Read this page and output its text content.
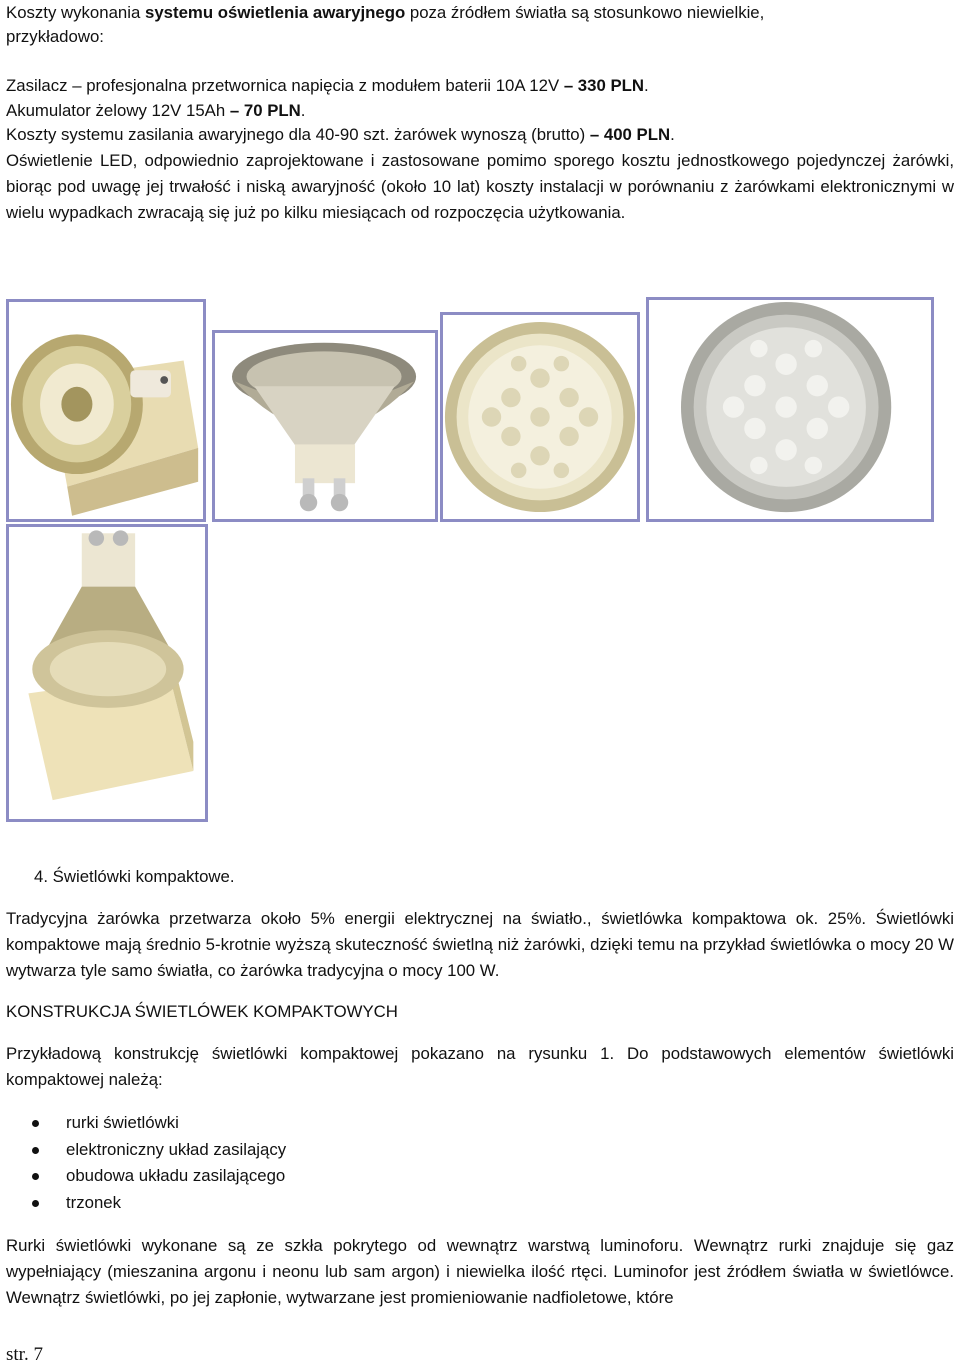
Koszty wykonania systemu oświetlenia awaryjnego poza źródłem światła są stosunkowo niewielkie,

przykładowo:

Zasilacz – profesjonalna przetwornica napięcia z modułem baterii 10A 12V – 330 PLN.

Akumulator żelowy 12V 15Ah – 70 PLN.

Koszty systemu zasilania awaryjnego dla 40-90 szt. żarówek wynoszą (brutto) – 400 PLN.

Oświetlenie LED, odpowiednio zaprojektowane i zastosowane pomimo sporego kosztu jednostkowego pojedynczej żarówki, biorąc pod uwagę jej trwałość i niską awaryjność (około 10 lat) koszty instalacji w porównaniu z żarówkami elektronicznymi w wielu wypadkach zwracają się już po kilku miesiącach od rozpoczęcia użytkowania.

4. Świetlówki kompaktowe.

Tradycyjna żarówka przetwarza około 5% energii elektrycznej na światło., świetlówka kompaktowa ok. 25%. Świetlówki kompaktowe mają średnio 5-krotnie wyższą skuteczność świetlną niż żarówki, dzięki temu na przykład świetlówka o mocy 20 W wytwarza tyle samo światła, co żarówka tradycyjna o mocy 100 W.

KONSTRUKCJA ŚWIETLÓWEK KOMPAKTOWYCH

Przykładową konstrukcję świetlówki kompaktowej pokazano na rysunku 1. Do podstawowych elementów świetlówki kompaktowej należą:

rurki świetlówki
elektroniczny układ zasilający
obudowa układu zasilającego
trzonek

Rurki świetlówki wykonane są ze szkła pokrytego od wewnątrz warstwą luminoforu. Wewnątrz rurki znajduje się gaz wypełniający (mieszanina argonu i neonu lub sam argon) i niewielka ilość rtęci. Luminofor jest źródłem światła w świetlówce. Wewnątrz świetlówki, po jej zapłonie, wytwarzane jest promieniowanie nadfioletowe, które

str. 7
